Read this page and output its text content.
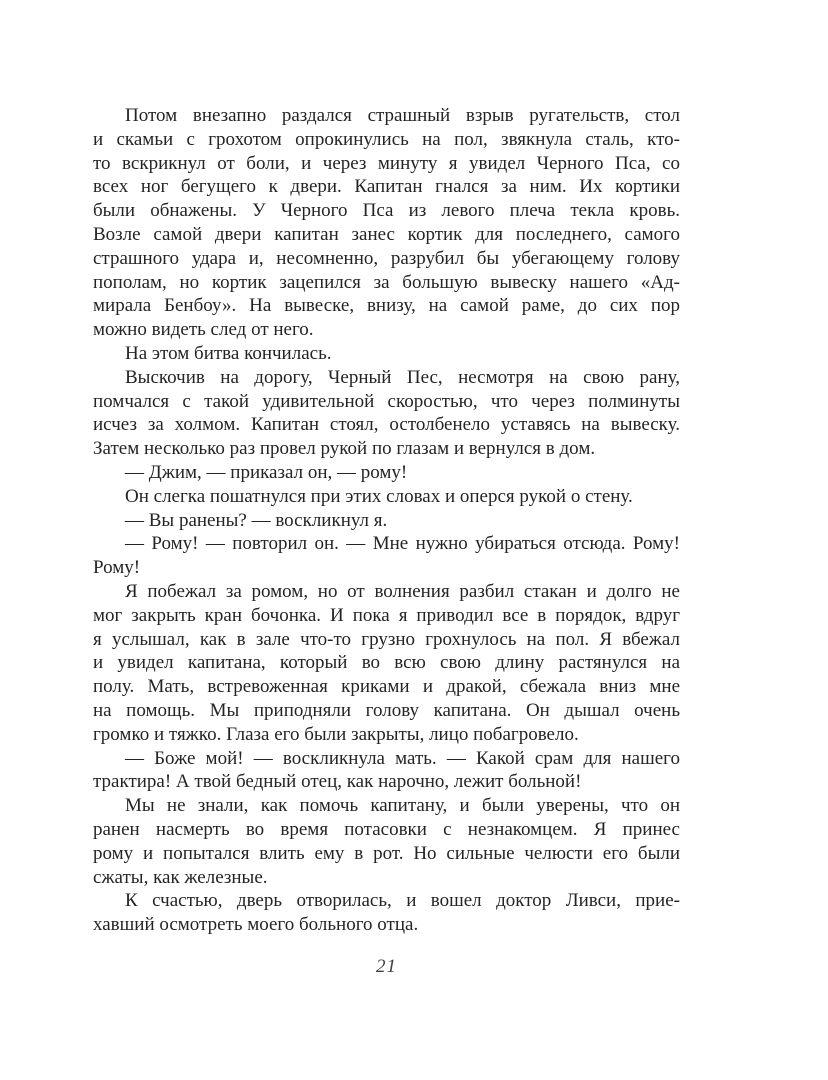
Потом внезапно раздался страшный взрыв ругательств, стол
и скамьи с грохотом опрокинулись на пол, звякнула сталь, кто-
то вскрикнул от боли, и через минуту я увидел Черного Пса, со
всех ног бегущего к двери. Капитан гнался за ним. Их кортики
были обнажены. У Черного Пса из левого плеча текла кровь.
Возле самой двери капитан занес кортик для последнего, самого
страшного удара и, несомненно, разрубил бы убегающему голову
пополам, но кортик зацепился за большую вывеску нашего «Ад-
мирала Бенбоу». На вывеске, внизу, на самой раме, до сих пор
можно видеть след от него.

На этом битва кончилась.

Выскочив на дорогу, Черный Пес, несмотря на свою рану,
помчался с такой удивительной скоростью, что через полминуты
исчез за холмом. Капитан стоял, остолбенело уставясь на вывеску.
Затем несколько раз провел рукой по глазам и вернулся в дом.

— Джим, — приказал он, — рому!

Он слегка пошатнулся при этих словах и оперся рукой о стену.

— Вы ранены? — воскликнул я.

— Рому! — повторил он. — Мне нужно убираться отсюда. Рому!
Рому!

Я побежал за ромом, но от волнения разбил стакан и долго не
мог закрыть кран бочонка. И пока я приводил все в порядок, вдруг
я услышал, как в зале что-то грузно грохнулось на пол. Я вбежал
и увидел капитана, который во всю свою длину растянулся на
полу. Мать, встревоженная криками и дракой, сбежала вниз мне
на помощь. Мы приподняли голову капитана. Он дышал очень
громко и тяжко. Глаза его были закрыты, лицо побагровело.

— Боже мой! — воскликнула мать. — Какой срам для нашего
трактира! А твой бедный отец, как нарочно, лежит больной!

Мы не знали, как помочь капитану, и были уверены, что он
ранен насмерть во время потасовки с незнакомцем. Я принес
рому и попытался влить ему в рот. Но сильные челюсти его были
сжаты, как железные.

К счастью, дверь отворилась, и вошел доктор Ливси, прие-
хавший осмотреть моего больного отца.

21
